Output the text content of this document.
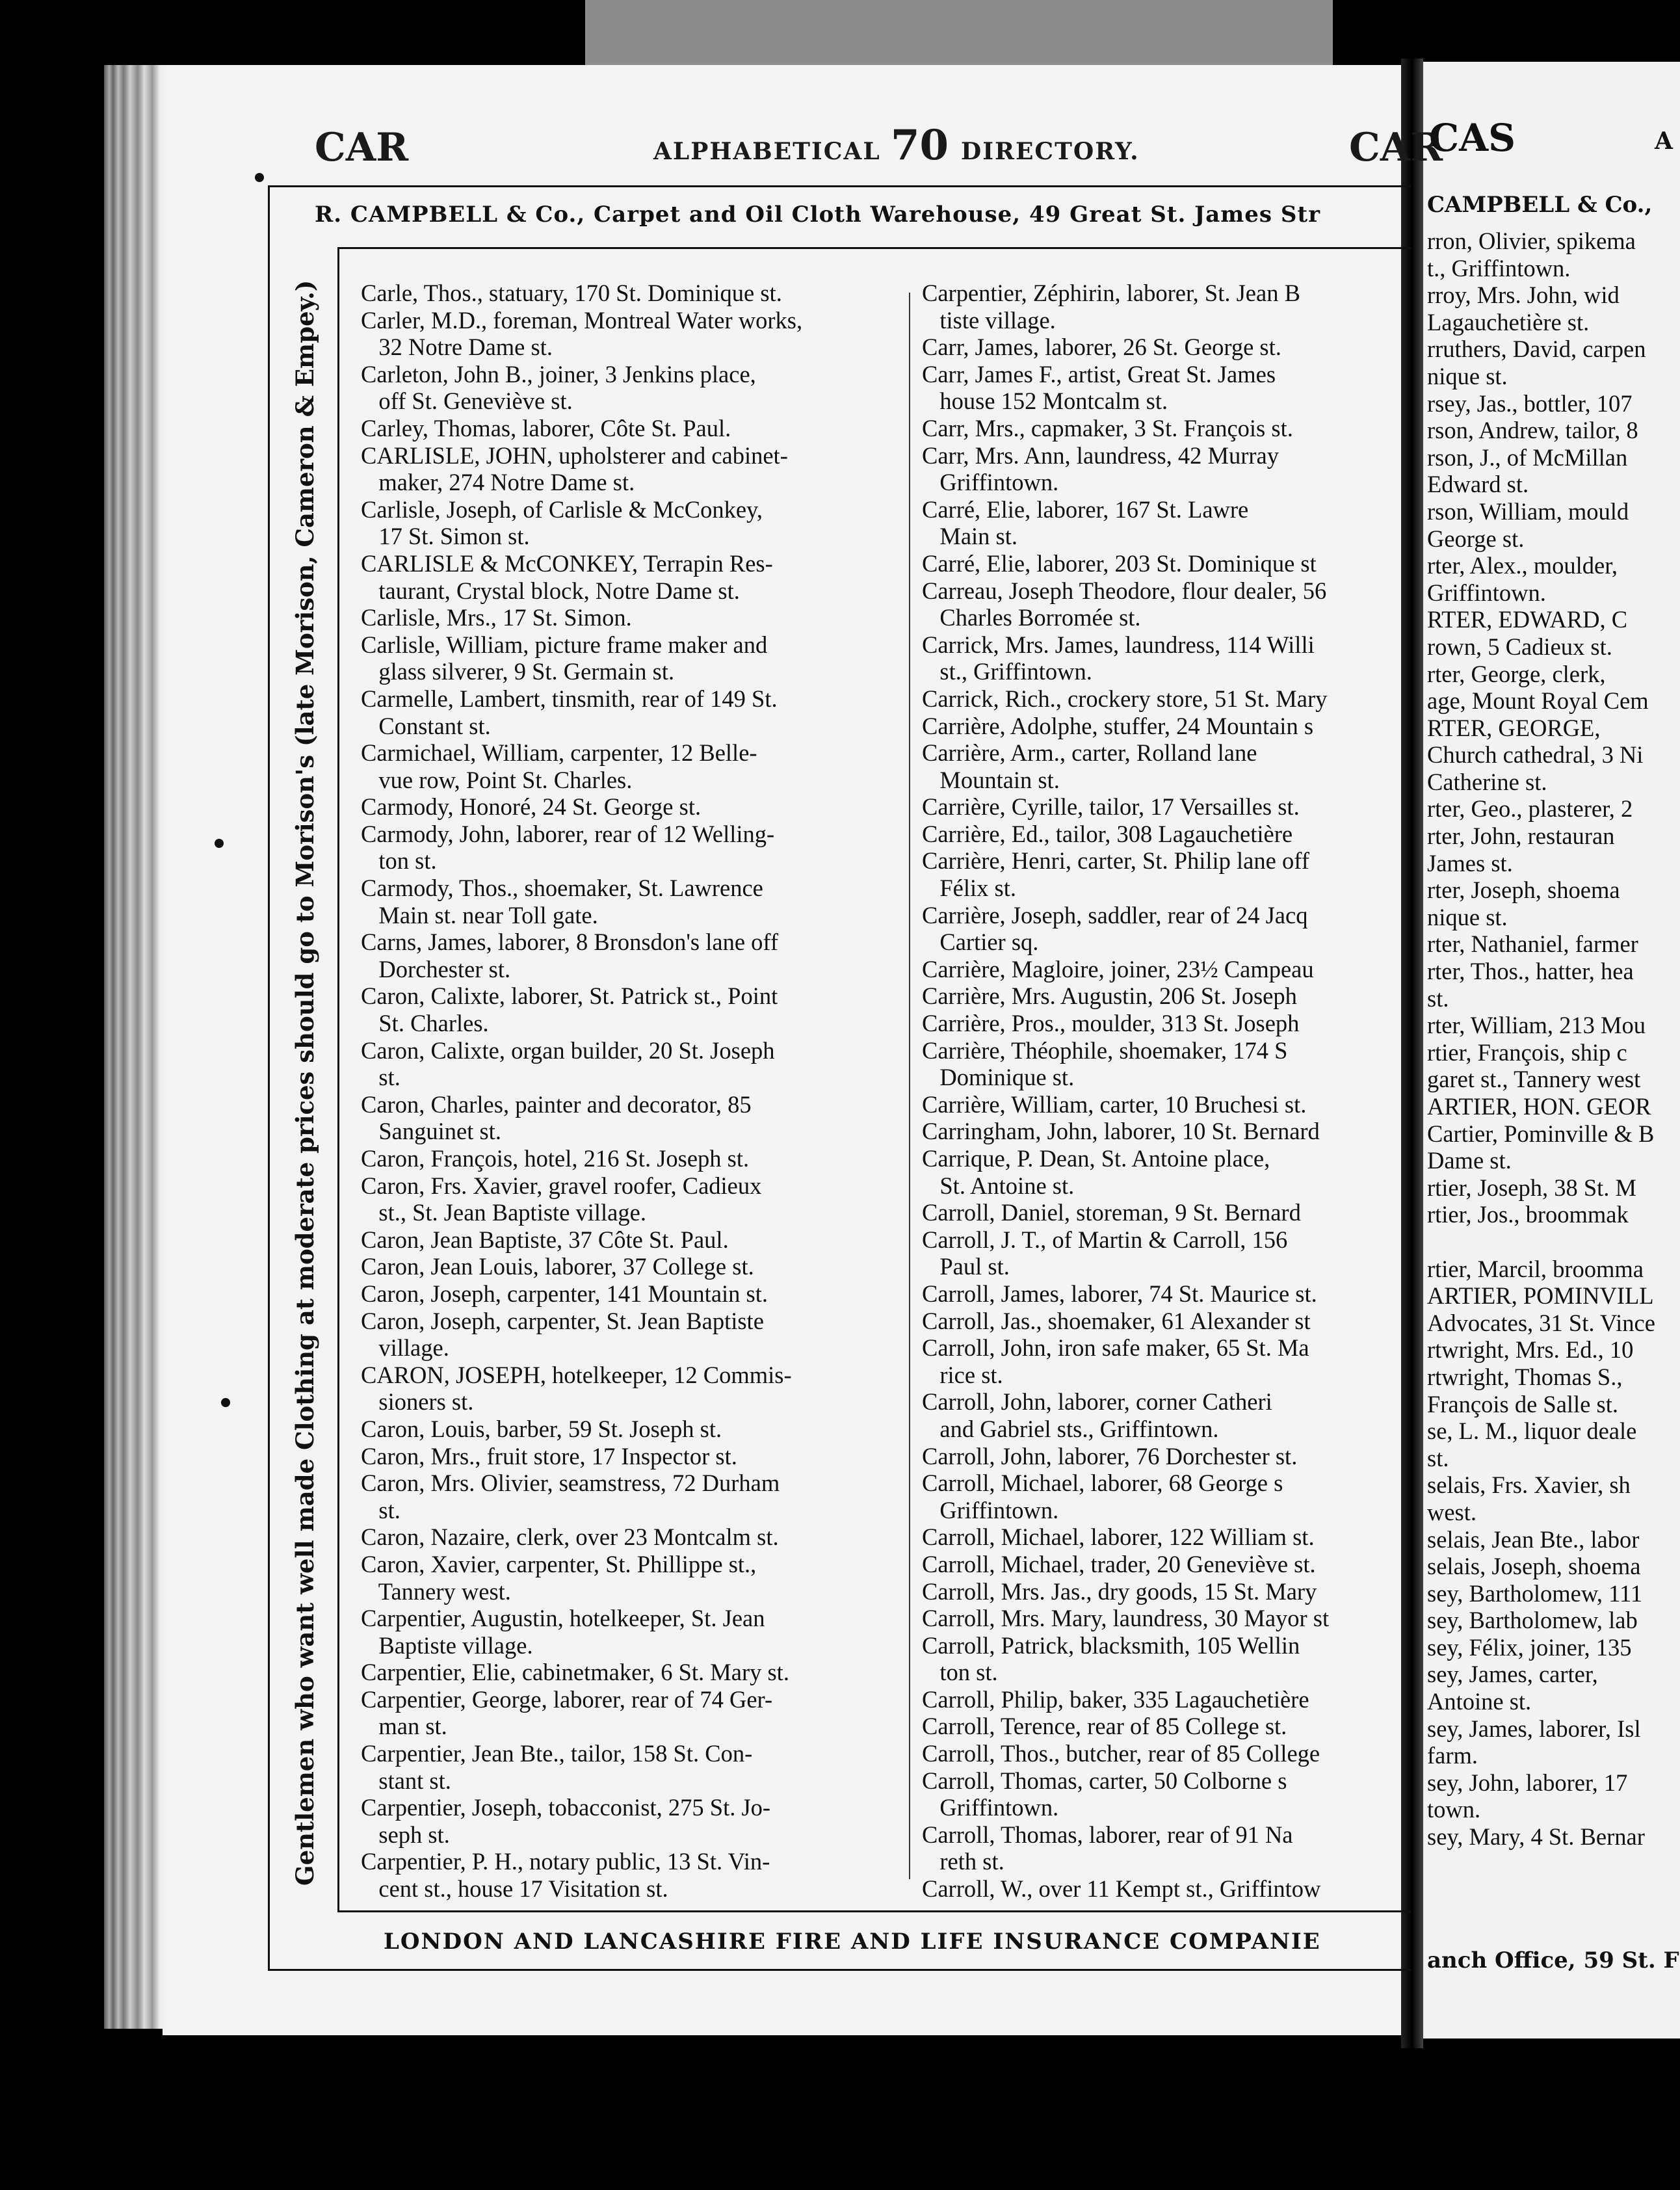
CAR	ALPHABETICAL 70 DIRECTORY.	CAR
R. CAMPBELL & Co., Carpet and Oil Cloth Warehouse, 49 Great St. James Str
Gentlemen who want well made Clothing at moderate prices should go to Morison's (late Morison, Cameron & Empey.) Carle, Thos., statuary, 170 St. Dominique st.
Carler, M.D., foreman, Montreal Water works,
32 Notre Dame st.
Carleton, John B., joiner, 3 Jenkins place,
off St. Geneviève st.
Carley, Thomas, laborer, Côte St. Paul.
CARLISLE, JOHN, upholsterer and cabinet-
maker, 274 Notre Dame st.
Carlisle, Joseph, of Carlisle & McConkey,
17 St. Simon st.
CARLISLE & McCONKEY, Terrapin Res-
taurant, Crystal block, Notre Dame st.
Carlisle, Mrs., 17 St. Simon.
Carlisle, William, picture frame maker and
glass silverer, 9 St. Germain st.
Carmelle, Lambert, tinsmith, rear of 149 St.
Constant st.
Carmichael, William, carpenter, 12 Belle-
vue row, Point St. Charles.
Carmody, Honoré, 24 St. George st.
Carmody, John, laborer, rear of 12 Welling-
ton st.
Carmody, Thos., shoemaker, St. Lawrence
Main st. near Toll gate.
Carns, James, laborer, 8 Bronsdon's lane off
Dorchester st.
Caron, Calixte, laborer, St. Patrick st., Point
St. Charles.
Caron, Calixte, organ builder, 20 St. Joseph
st.
Caron, Charles, painter and decorator, 85
Sanguinet st.
Caron, François, hotel, 216 St. Joseph st.
Caron, Frs. Xavier, gravel roofer, Cadieux
st., St. Jean Baptiste village.
Caron, Jean Baptiste, 37 Côte St. Paul.
Caron, Jean Louis, laborer, 37 College st.
Caron, Joseph, carpenter, 141 Mountain st.
Caron, Joseph, carpenter, St. Jean Baptiste
village.
CARON, JOSEPH, hotelkeeper, 12 Commis-
sioners st.
Caron, Louis, barber, 59 St. Joseph st.
Caron, Mrs., fruit store, 17 Inspector st.
Caron, Mrs. Olivier, seamstress, 72 Durham
st.
Caron, Nazaire, clerk, over 23 Montcalm st.
Caron, Xavier, carpenter, St. Phillippe st.,
Tannery west.
Carpentier, Augustin, hotelkeeper, St. Jean
Baptiste village.
Carpentier, Elie, cabinetmaker, 6 St. Mary st.
Carpentier, George, laborer, rear of 74 Ger-
man st.
Carpentier, Jean Bte., tailor, 158 St. Con-
stant st.
Carpentier, Joseph, tobacconist, 275 St. Jo-
seph st.
Carpentier, P. H., notary public, 13 St. Vin-
cent st., house 17 Visitation st.
Carpentier, Zéphirin, laborer, St. Jean B
tiste village.
Carr, James, laborer, 26 St. George st.
Carr, James F., artist, Great St. James
house 152 Montcalm st.
Carr, Mrs., capmaker, 3 St. François st.
Carr, Mrs. Ann, laundress, 42 Murray
Griffintown.
Carré, Elie, laborer, 167 St. Lawre
Main st.
Carré, Elie, laborer, 203 St. Dominique st
Carreau, Joseph Theodore, flour dealer, 56
Charles Borromée st.
Carrick, Mrs. James, laundress, 114 Willi
st., Griffintown.
Carrick, Rich., crockery store, 51 St. Mary
Carrière, Adolphe, stuffer, 24 Mountain s
Carrière, Arm., carter, Rolland lane
Mountain st.
Carrière, Cyrille, tailor, 17 Versailles st.
Carrière, Ed., tailor, 308 Lagauchetière
Carrière, Henri, carter, St. Philip lane off
Félix st.
Carrière, Joseph, saddler, rear of 24 Jacq
Cartier sq.
Carrière, Magloire, joiner, 23½ Campeau
Carrière, Mrs. Augustin, 206 St. Joseph
Carrière, Pros., moulder, 313 St. Joseph
Carrière, Théophile, shoemaker, 174 S
Dominique st.
Carrière, William, carter, 10 Bruchesi st.
Carringham, John, laborer, 10 St. Bernard
Carrique, P. Dean, St. Antoine place,
St. Antoine st.
Carroll, Daniel, storeman, 9 St. Bernard
Carroll, J. T., of Martin & Carroll, 156
Paul st.
Carroll, James, laborer, 74 St. Maurice st.
Carroll, Jas., shoemaker, 61 Alexander st
Carroll, John, iron safe maker, 65 St. Ma
rice st.
Carroll, John, laborer, corner Catheri
and Gabriel sts., Griffintown.
Carroll, John, laborer, 76 Dorchester st.
Carroll, Michael, laborer, 68 George s
Griffintown.
Carroll, Michael, laborer, 122 William st.
Carroll, Michael, trader, 20 Geneviève st.
Carroll, Mrs. Jas., dry goods, 15 St. Mary
Carroll, Mrs. Mary, laundress, 30 Mayor st
Carroll, Patrick, blacksmith, 105 Wellin
ton st.
Carroll, Philip, baker, 335 Lagauchetière
Carroll, Terence, rear of 85 College st.
Carroll, Thos., butcher, rear of 85 College
Carroll, Thomas, carter, 50 Colborne s
Griffintown.
Carroll, Thomas, laborer, rear of 91 Na
reth st.
Carroll, W., over 11 Kempt st., Griffintow
LONDON AND LANCASHIRE FIRE AND LIFE INSURANCE COMPANIE
CAS	A
CAMPBELL & Co.,
rron, Olivier, spikema
t., Griffintown.
rroy, Mrs. John, wid
Lagauchetière st.
rruthers, David, carpen
nique st.
rsey, Jas., bottler, 107
rson, Andrew, tailor, 8
rson, J., of McMillan
Edward st.
rson, William, mould
George st.
rter, Alex., moulder,
Griffintown.
RTER, EDWARD, C
rown, 5 Cadieux st.
rter, George, clerk,
age, Mount Royal Cem
RTER, GEORGE,
Church cathedral, 3 Ni
Catherine st.
rter, Geo., plasterer, 2
rter, John, restauran
James st.
rter, Joseph, shoema
nique st.
rter, Nathaniel, farmer
rter, Thos., hatter, hea
st.
rter, William, 213 Mou
rtier, François, ship c
garet st., Tannery west
ARTIER, HON. GEOR
Cartier, Pominville & B
Dame st.
rtier, Joseph, 38 St. M
rtier, Jos., broommak
rtier, Marcil, broomma
ARTIER, POMINVILL
Advocates, 31 St. Vince
rtwright, Mrs. Ed., 10
rtwright, Thomas S.,
François de Salle st.
se, L. M., liquor deale
st.
selais, Frs. Xavier, sh
west.
selais, Jean Bte., labor
selais, Joseph, shoema
sey, Bartholomew, 111
sey, Bartholomew, lab
sey, Félix, joiner, 135
sey, James, carter,
Antoine st.
sey, James, laborer, Isl
farm.
sey, John, laborer, 17
town.
sey, Mary, 4 St. Bernar
anch Office, 59 St. F
